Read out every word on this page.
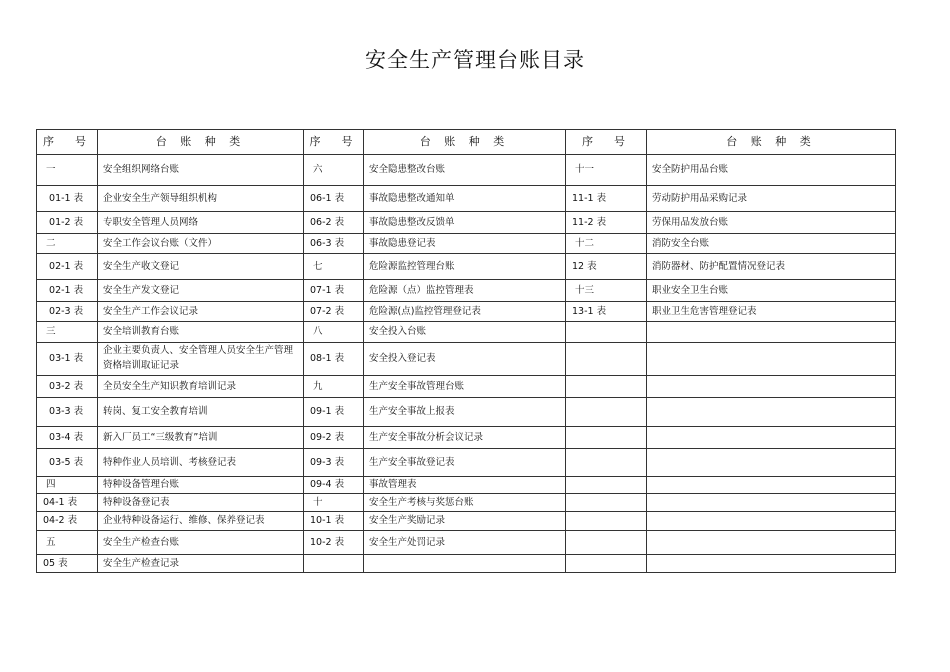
安全生产管理台账目录
序　号	台 账 种 类	序　号	台 账 种 类	序　号	台 账 种 类
一	安全组织网络台账	六	安全隐患整改台账	十一	安全防护用品台账
01-1 表	企业安全生产领导组织机构	06-1 表	事故隐患整改通知单	11-1 表	劳动防护用品采购记录
01-2 表	专职安全管理人员网络	06-2 表	事故隐患整改反馈单	11-2 表	劳保用品发放台账
二	安全工作会议台账（文件）	06-3 表	事故隐患登记表	十二	消防安全台账
02-1 表	安全生产收文登记	七	危险源监控管理台账	12 表	消防器材、防护配置情况登记表
02-1 表	安全生产发文登记	07-1 表	危险源（点）监控管理表	十三	职业安全卫生台账
02-3 表	安全生产工作会议记录	07-2 表	危险源(点)监控管理登记表	13-1 表	职业卫生危害管理登记表
三	安全培训教育台账	八	安全投入台账		
03-1 表	企业主要负责人、安全管理人员安全生产管理资格培训取证记录	08-1 表	安全投入登记表		
03-2 表	全员安全生产知识教育培训记录	九	生产安全事故管理台账		
03-3 表	转岗、复工安全教育培训	09-1 表	生产安全事故上报表		
03-4 表	新入厂员工“三级教育”培训	09-2 表	生产安全事故分析会议记录		
03-5 表	特种作业人员培训、考核登记表	09-3 表	生产安全事故登记表		
四	特种设备管理台账	09-4 表	事故管理表		
04-1 表	特种设备登记表	十	安全生产考核与奖惩台账		
04-2 表	企业特种设备运行、维修、保养登记表	10-1 表	安全生产奖励记录		
五	安全生产检查台账	10-2 表	安全生产处罚记录		
05 表	安全生产检查记录				
